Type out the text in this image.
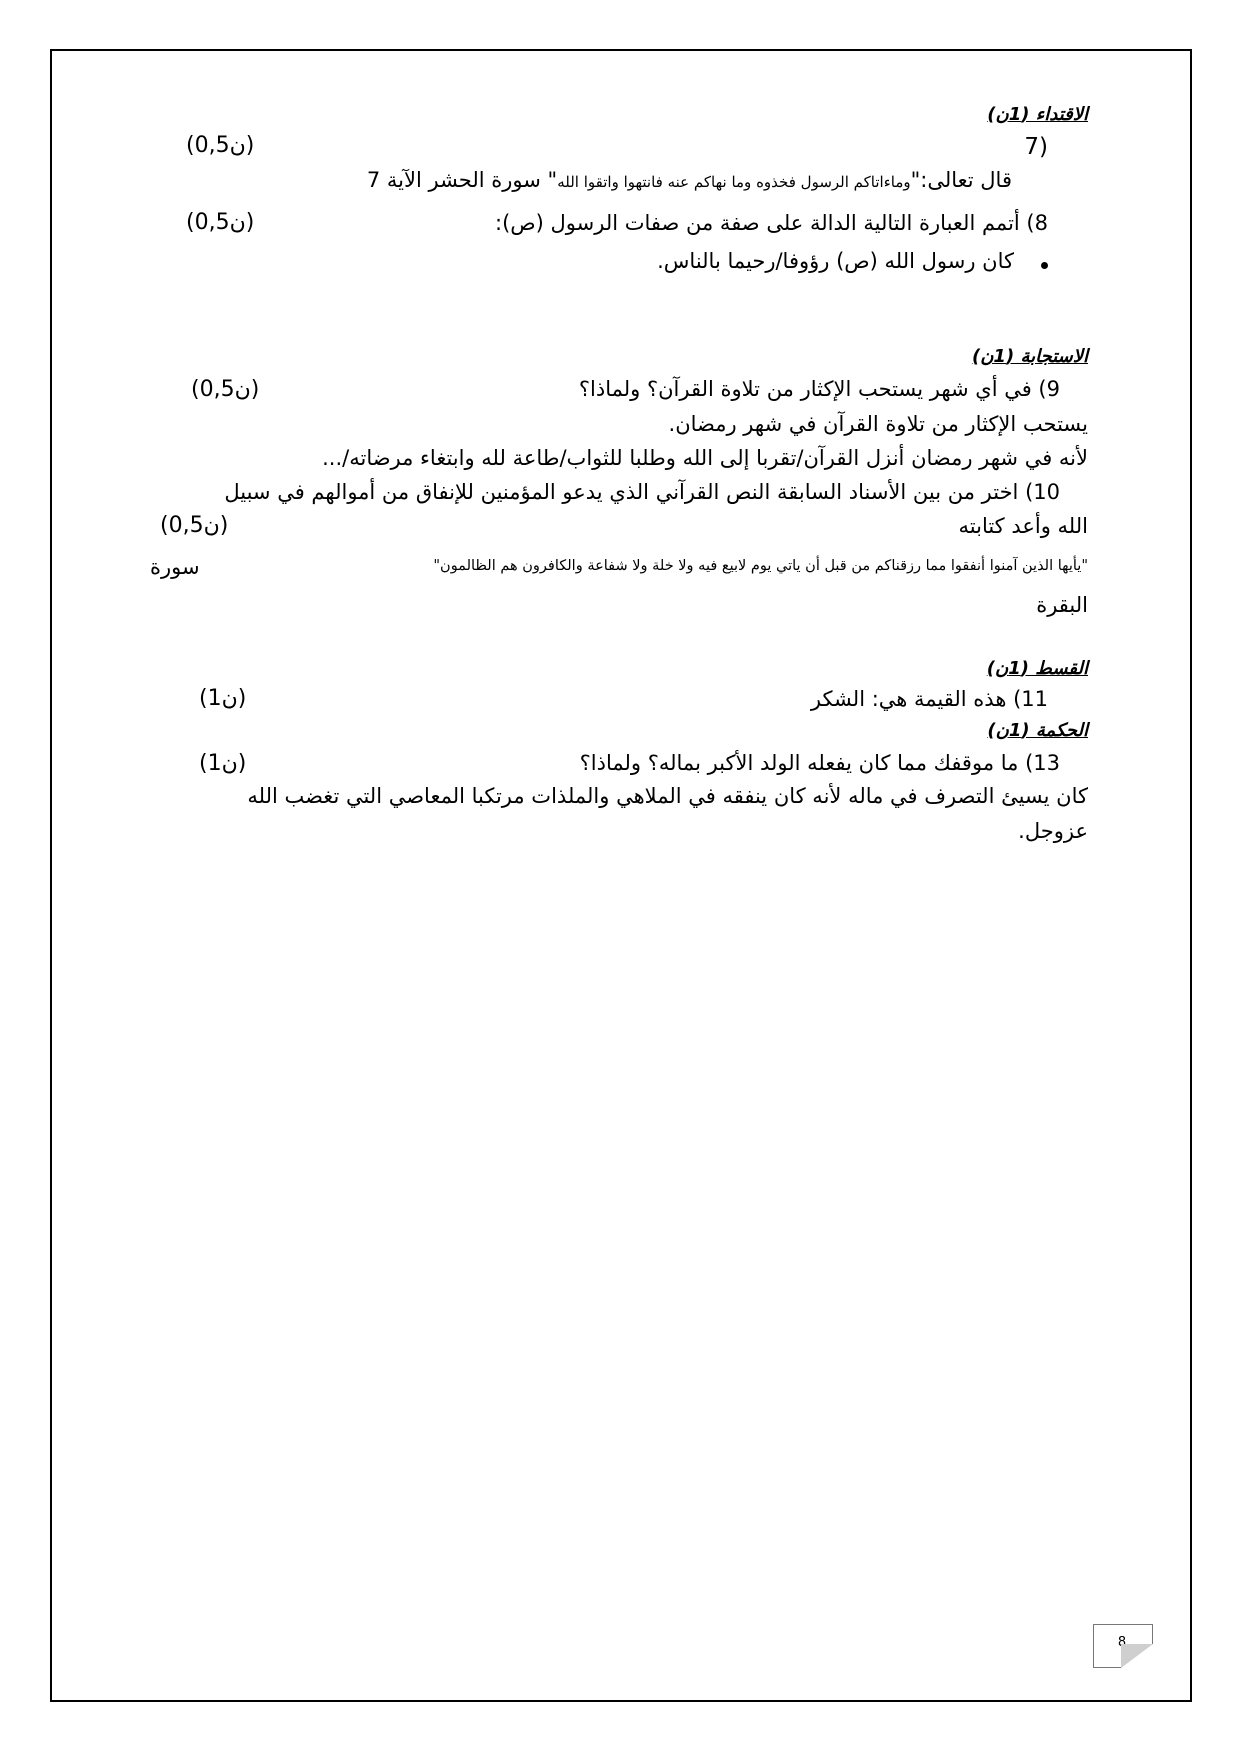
الاقتداء (1ن)
(0,5ن)	7)
قال تعالى:"وماءاتاكم الرسول فخذوه وما نهاكم عنه فانتهوا واتقوا الله" سورة الحشر الآية 7
8) أتمم العبارة التالية الدالة على صفة من صفات الرسول (ص):
(0,5ن)
كان رسول الله (ص) رؤوفا/رحيما بالناس.
الاستجابة (1ن)
9) في أي شهر يستحب الإكثار من تلاوة القرآن؟ ولماذا؟
(0,5ن)
يستحب الإكثار من تلاوة القرآن في شهر رمضان.
لأنه في شهر رمضان أنزل القرآن/تقربا إلى الله وطلبا للثواب/طاعة لله وابتغاء مرضاته/...
10) اختر من بين الأسناد السابقة النص القرآني الذي يدعو المؤمنين للإنفاق من أموالهم في سبيل
(0,5ن)	الله وأعد كتابته
"يأيها الذين آمنوا أنفقوا مما رزقناكم من قبل أن ياتي يوم لابيع فيه ولا خلة ولا شفاعة والكافرون هم الظالمون"
سورة
البقرة
القسط (1ن)
11) هذه القيمة هي: الشكر
(1ن)
الحكمة (1ن)
13) ما موقفك مما كان يفعله الولد الأكبر بماله؟ ولماذا؟
(1ن)
كان يسيئ التصرف في ماله لأنه كان ينفقه في الملاهي والملذات مرتكبا المعاصي التي تغضب الله
عزوجل.
8
